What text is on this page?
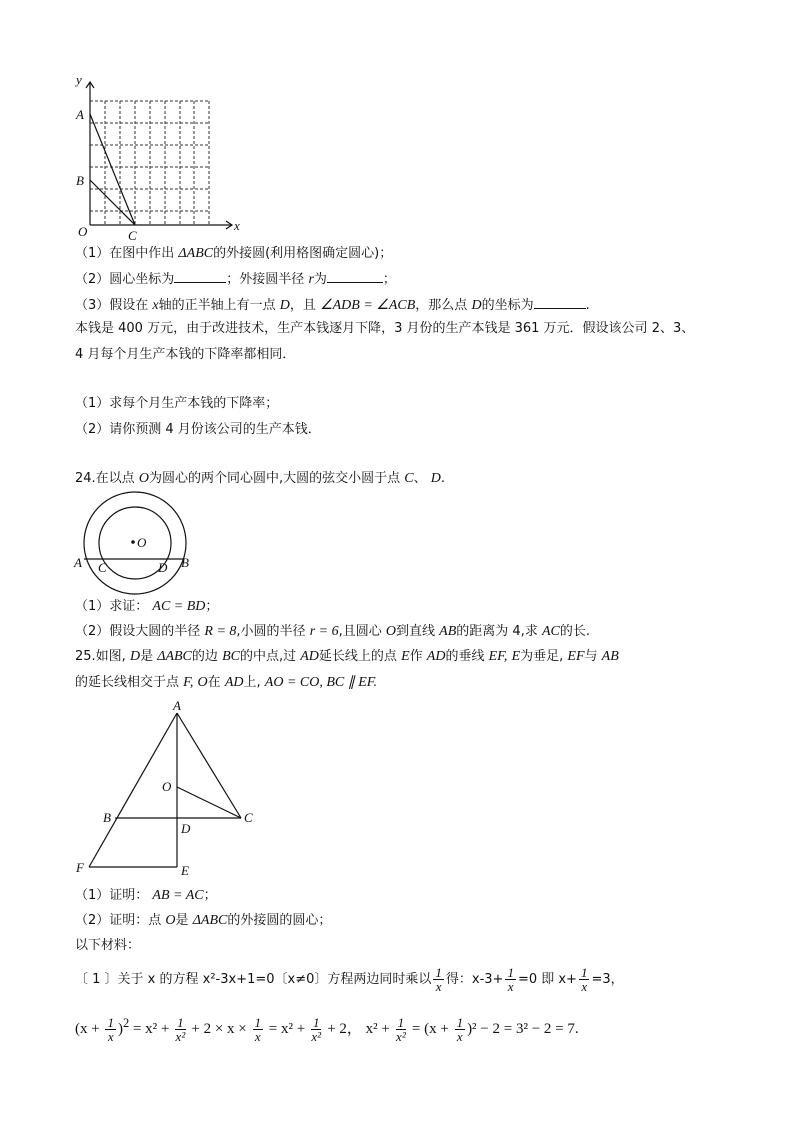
x
y
O
A
B
C
（1）在图中作出 ΔABC的外接圆(利用格图确定圆心)；
（2）圆心坐标为	；外接圆半径 r为	；
（3）假设在 x轴的正半轴上有一点 D，且 ∠ADB = ∠ACB，那么点 D的坐标为	.
本钱是 400 万元，由于改进技术，生产本钱逐月下降，3 月份的生产本钱是 361 万元．假设该公司 2、3、
4 月每个月生产本钱的下降率都相同．
（1）求每个月生产本钱的下降率；
（2）请你预测 4 月份该公司的生产本钱．
24.在以点 O为圆心的两个同心圆中,大圆的弦交小圆于点 C、 D.
O
A C	D B
（1）求证： AC = BD；
（2）假设大圆的半径 R = 8,小圆的半径 r = 6,且圆心 O到直线 AB的距离为 4,求 AC的长.
25.如图, D是 ΔABC的边 BC的中点,过 AD延长线上的点 E作 AD的垂线 EF, E为垂足, EF与 AB
的延长线相交于点 F, O在 AD上, AO = CO, BC ∥ EF.
A
O
B	C
D
F	E
（1）证明： AB = AC；
（2）证明：点 O是 ΔABC的外接圆的圆心；
以下材料：
〔 1 〕关于 x 的方程 x²-3x+1=0〔x≠0〕方程两边同时乘以 $\frac{1}{x}$ 得：$x-3+ \frac{1}{x} =0$ 即 $x+ \frac{1}{x} =3$，
$(x + \frac{1}{x} )^2 = x^2 + \frac{1}{\text{x²}} + 2 \times x \times \frac{1}{x} = x^2 + \frac{1}{\text{x²}} + 2$， $x^2 + \frac{1}{\text{x²}} = (x + \frac{1}{x} )^2 - 2 = 3^2 - 2 = 7$.
